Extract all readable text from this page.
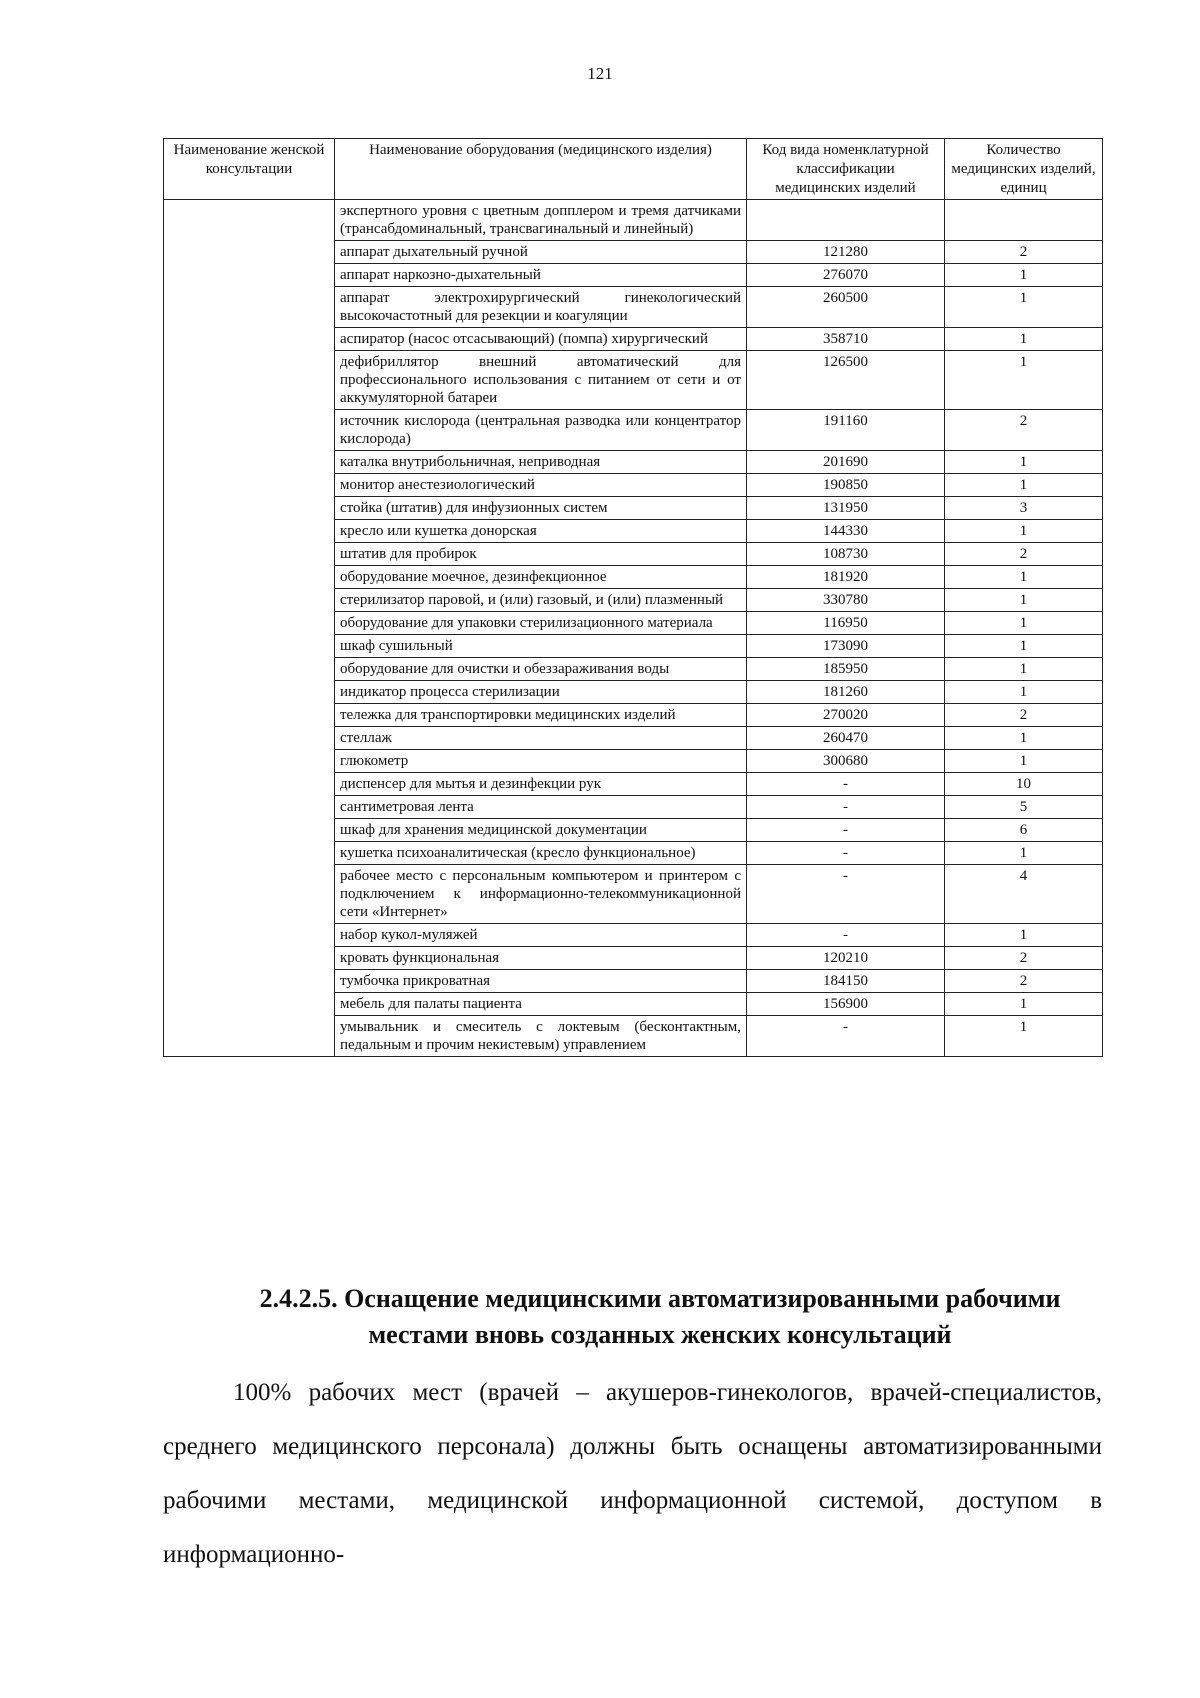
121
Наименование женской консультации	Наименование оборудования (медицинского изделия)	Код вида номенклатурной классификации медицинских изделий	Количество медицинских изделий, единиц
	экспертного уровня с цветным допплером и тремя датчиками (трансабдоминальный, трансвагинальный и линейный)		
	аппарат дыхательный ручной	121280	2
	аппарат наркозно-дыхательный	276070	1
	аппарат электрохирургический гинекологический высокочастотный для резекции и коагуляции	260500	1
	аспиратор (насос отсасывающий) (помпа) хирургический	358710	1
	дефибриллятор внешний автоматический для профессионального использования с питанием от сети и от аккумуляторной батареи	126500	1
	источник кислорода (центральная разводка или концентратор кислорода)	191160	2
	каталка внутрибольничная, неприводная	201690	1
	монитор анестезиологический	190850	1
	стойка (штатив) для инфузионных систем	131950	3
	кресло или кушетка донорская	144330	1
	штатив для пробирок	108730	2
	оборудование моечное, дезинфекционное	181920	1
	стерилизатор паровой, и (или) газовый, и (или) плазменный	330780	1
	оборудование для упаковки стерилизационного материала	116950	1
	шкаф сушильный	173090	1
	оборудование для очистки и обеззараживания воды	185950	1
	индикатор процесса стерилизации	181260	1
	тележка для транспортировки медицинских изделий	270020	2
	стеллаж	260470	1
	глюкометр	300680	1
	диспенсер для мытья и дезинфекции рук	-	10
	сантиметровая лента	-	5
	шкаф для хранения медицинской документации	-	6
	кушетка психоаналитическая (кресло функциональное)	-	1
	рабочее место с персональным компьютером и принтером с подключением к информационно-телекоммуникационной сети «Интернет»	-	4
	набор кукол-муляжей	-	1
	кровать функциональная	120210	2
	тумбочка прикроватная	184150	2
	мебель для палаты пациента	156900	1
	умывальник и смеситель с локтевым (бесконтактным, педальным и прочим некистевым) управлением	-	1
2.4.2.5. Оснащение медицинскими автоматизированными рабочими местами вновь созданных женских консультаций
100% рабочих мест (врачей – акушеров-гинекологов, врачей-специалистов, среднего медицинского персонала) должны быть оснащены автоматизированными рабочими местами, медицинской информационной системой, доступом в информационно-
